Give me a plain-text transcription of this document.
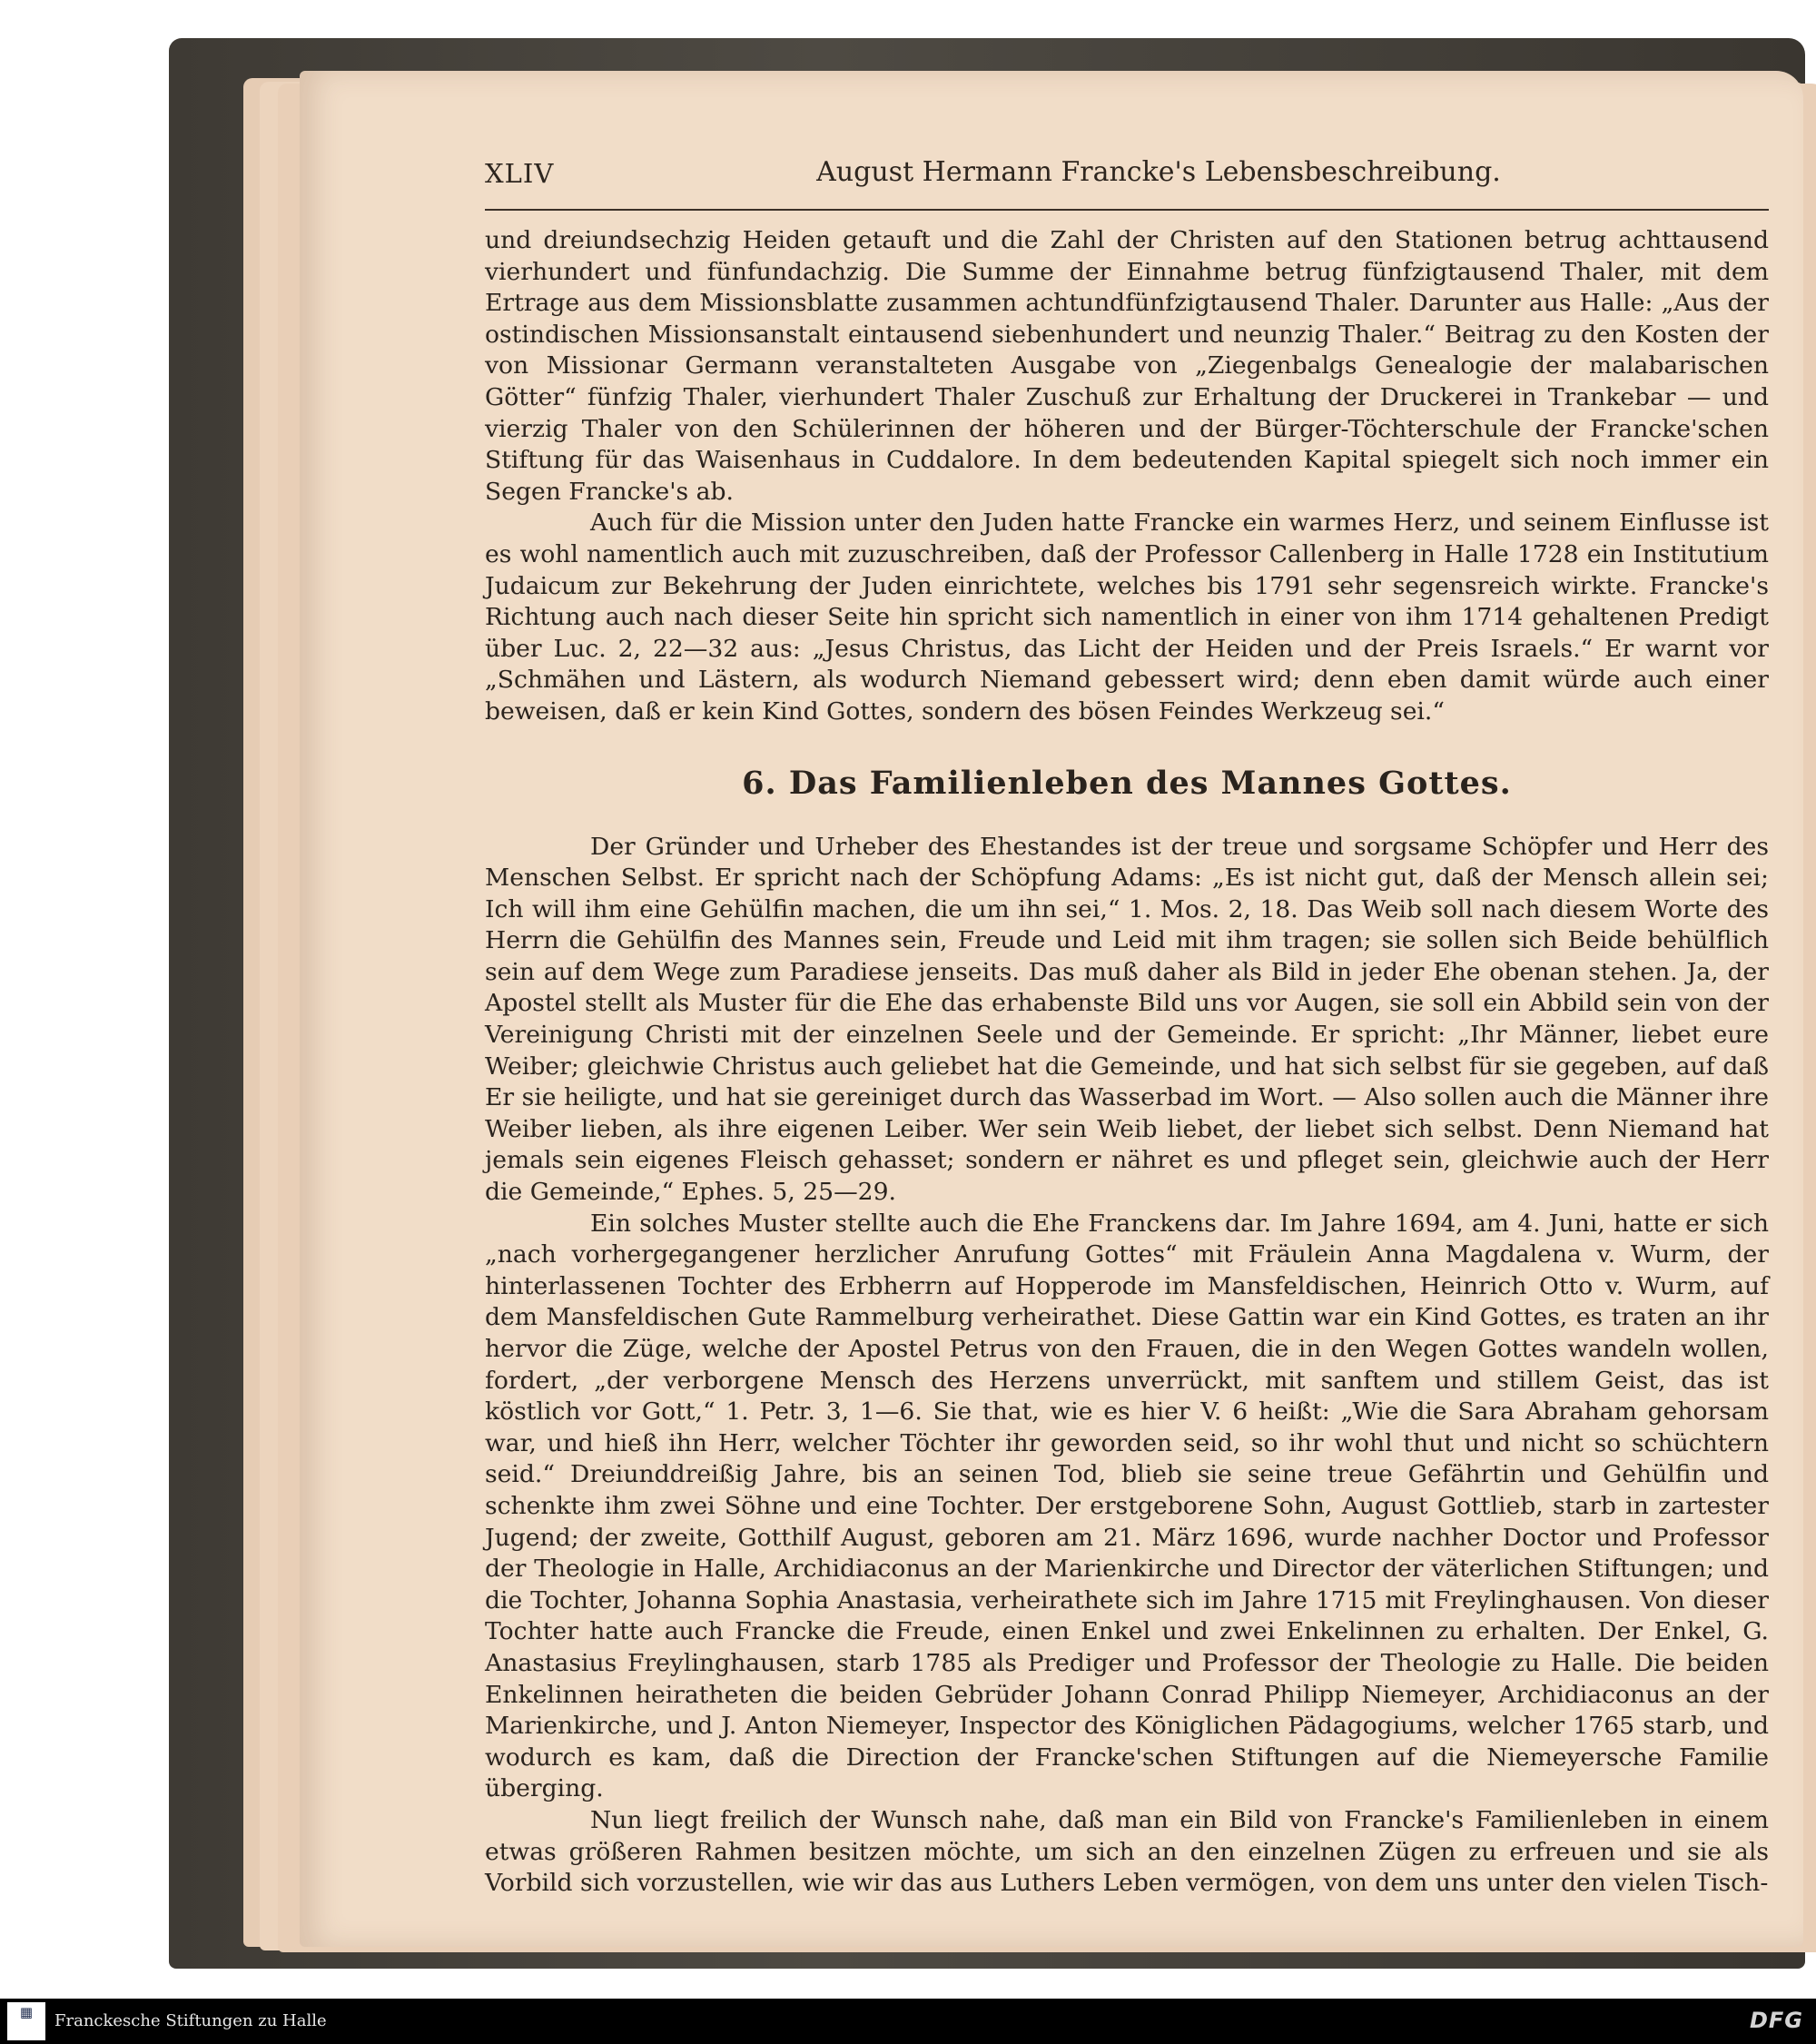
XLIV	August Hermann Francke's Lebensbeschreibung.

und dreiundsechzig Heiden getauft und die Zahl der Christen auf den Stationen betrug achttausend vierhundert und fünfundachzig. Die Summe der Einnahme betrug fünfzigtausend Thaler, mit dem Ertrage aus dem Missionsblatte zusammen achtundfünfzigtausend Thaler. Darunter aus Halle: „Aus der ostindischen Missionsanstalt eintausend siebenhundert und neunzig Thaler.“ Beitrag zu den Kosten der von Missionar Germann veranstalteten Ausgabe von „Ziegenbalgs Genealogie der malabarischen Götter“ fünfzig Thaler, vierhundert Thaler Zuschuß zur Erhaltung der Druckerei in Trankebar — und vierzig Thaler von den Schülerinnen der höheren und der Bürger-Töchterschule der Francke'schen Stiftung für das Waisenhaus in Cuddalore. In dem bedeutenden Kapital spiegelt sich noch immer ein Segen Francke's ab.

Auch für die Mission unter den Juden hatte Francke ein warmes Herz, und seinem Einflusse ist es wohl namentlich auch mit zuzuschreiben, daß der Professor Callenberg in Halle 1728 ein Institutium Judaicum zur Bekehrung der Juden einrichtete, welches bis 1791 sehr segensreich wirkte. Francke's Richtung auch nach dieser Seite hin spricht sich namentlich in einer von ihm 1714 gehaltenen Predigt über Luc. 2, 22—32 aus: „Jesus Christus, das Licht der Heiden und der Preis Israels.“ Er warnt vor „Schmähen und Lästern, als wodurch Niemand gebessert wird; denn eben damit würde auch einer beweisen, daß er kein Kind Gottes, sondern des bösen Feindes Werkzeug sei.“

6. Das Familienleben des Mannes Gottes.

Der Gründer und Urheber des Ehestandes ist der treue und sorgsame Schöpfer und Herr des Menschen Selbst. Er spricht nach der Schöpfung Adams: „Es ist nicht gut, daß der Mensch allein sei; Ich will ihm eine Gehülfin machen, die um ihn sei,“ 1. Mos. 2, 18. Das Weib soll nach diesem Worte des Herrn die Gehülfin des Mannes sein, Freude und Leid mit ihm tragen; sie sollen sich Beide behülflich sein auf dem Wege zum Paradiese jenseits. Das muß daher als Bild in jeder Ehe obenan stehen. Ja, der Apostel stellt als Muster für die Ehe das erhabenste Bild uns vor Augen, sie soll ein Abbild sein von der Vereinigung Christi mit der einzelnen Seele und der Gemeinde. Er spricht: „Ihr Männer, liebet eure Weiber; gleichwie Christus auch geliebet hat die Gemeinde, und hat sich selbst für sie gegeben, auf daß Er sie heiligte, und hat sie gereiniget durch das Wasserbad im Wort. — Also sollen auch die Männer ihre Weiber lieben, als ihre eigenen Leiber. Wer sein Weib liebet, der liebet sich selbst. Denn Niemand hat jemals sein eigenes Fleisch gehasset; sondern er nähret es und pfleget sein, gleichwie auch der Herr die Gemeinde,“ Ephes. 5, 25—29.

Ein solches Muster stellte auch die Ehe Franckens dar. Im Jahre 1694, am 4. Juni, hatte er sich „nach vorhergegangener herzlicher Anrufung Gottes“ mit Fräulein Anna Magdalena v. Wurm, der hinterlassenen Tochter des Erbherrn auf Hopperode im Mansfeldischen, Heinrich Otto v. Wurm, auf dem Mansfeldischen Gute Rammelburg verheirathet. Diese Gattin war ein Kind Gottes, es traten an ihr hervor die Züge, welche der Apostel Petrus von den Frauen, die in den Wegen Gottes wandeln wollen, fordert, „der verborgene Mensch des Herzens unverrückt, mit sanftem und stillem Geist, das ist köstlich vor Gott,“ 1. Petr. 3, 1—6. Sie that, wie es hier V. 6 heißt: „Wie die Sara Abraham gehorsam war, und hieß ihn Herr, welcher Töchter ihr geworden seid, so ihr wohl thut und nicht so schüchtern seid.“ Dreiunddreißig Jahre, bis an seinen Tod, blieb sie seine treue Gefährtin und Gehülfin und schenkte ihm zwei Söhne und eine Tochter. Der erstgeborene Sohn, August Gottlieb, starb in zartester Jugend; der zweite, Gotthilf August, geboren am 21. März 1696, wurde nachher Doctor und Professor der Theologie in Halle, Archidiaconus an der Marienkirche und Director der väterlichen Stiftungen; und die Tochter, Johanna Sophia Anastasia, verheirathete sich im Jahre 1715 mit Freylinghausen. Von dieser Tochter hatte auch Francke die Freude, einen Enkel und zwei Enkelinnen zu erhalten. Der Enkel, G. Anastasius Freylinghausen, starb 1785 als Prediger und Professor der Theologie zu Halle. Die beiden Enkelinnen heiratheten die beiden Gebrüder Johann Conrad Philipp Niemeyer, Archidiaconus an der Marienkirche, und J. Anton Niemeyer, Inspector des Königlichen Pädagogiums, welcher 1765 starb, und wodurch es kam, daß die Direction der Francke'schen Stiftungen auf die Niemeyersche Familie überging.

Nun liegt freilich der Wunsch nahe, daß man ein Bild von Francke's Familienleben in einem etwas größeren Rahmen besitzen möchte, um sich an den einzelnen Zügen zu erfreuen und sie als Vorbild sich vorzustellen, wie wir das aus Luthers Leben vermögen, von dem uns unter den vielen Tisch-

▦	Franckesche Stiftungen zu Halle	DFG
